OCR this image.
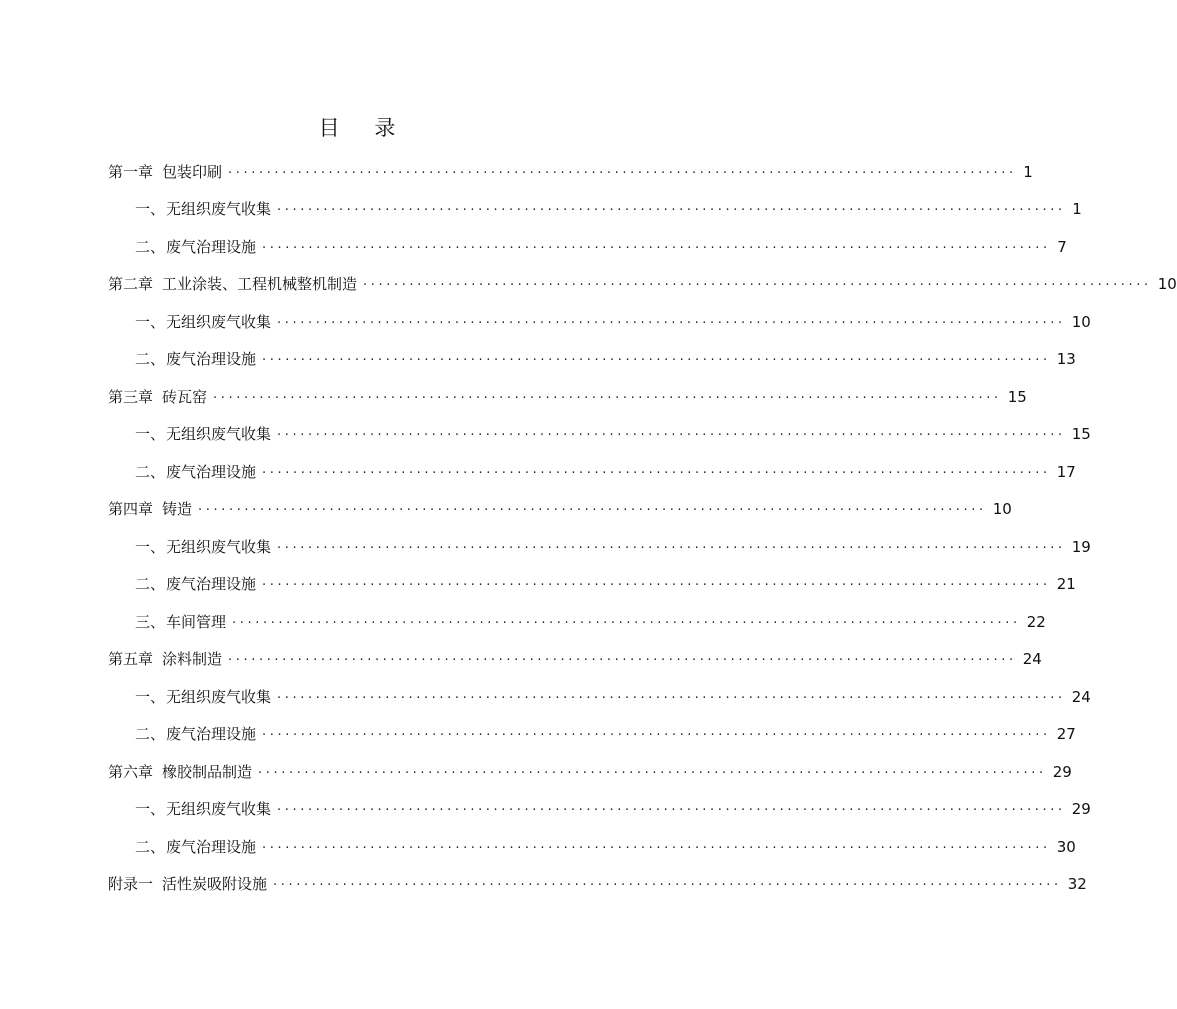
目 录
第一章 包装印刷 ...................................................................................................... 1
一、 无组织废气收集 ...................................................................................................... 1
二、 废气治理设施 ...................................................................................................... 7
第二章 工业涂装、工程机械整机制造 ...................................................................................................... 10
一、 无组织废气收集 ...................................................................................................... 10
二、 废气治理设施 ...................................................................................................... 13
第三章 砖瓦窑 ...................................................................................................... 15
一、 无组织废气收集 ...................................................................................................... 15
二、 废气治理设施 ...................................................................................................... 17
第四章 铸造 ...................................................................................................... 10
一、 无组织废气收集 ...................................................................................................... 19
二、 废气治理设施 ...................................................................................................... 21
三、 车间管理 ...................................................................................................... 22
第五章 涂料制造 ...................................................................................................... 24
一、 无组织废气收集 ...................................................................................................... 24
二、 废气治理设施 ...................................................................................................... 27
第六章 橡胶制品制造 ...................................................................................................... 29
一、 无组织废气收集 ...................................................................................................... 29
二、 废气治理设施 ...................................................................................................... 30
附录一 活性炭吸附设施 ...................................................................................................... 32
